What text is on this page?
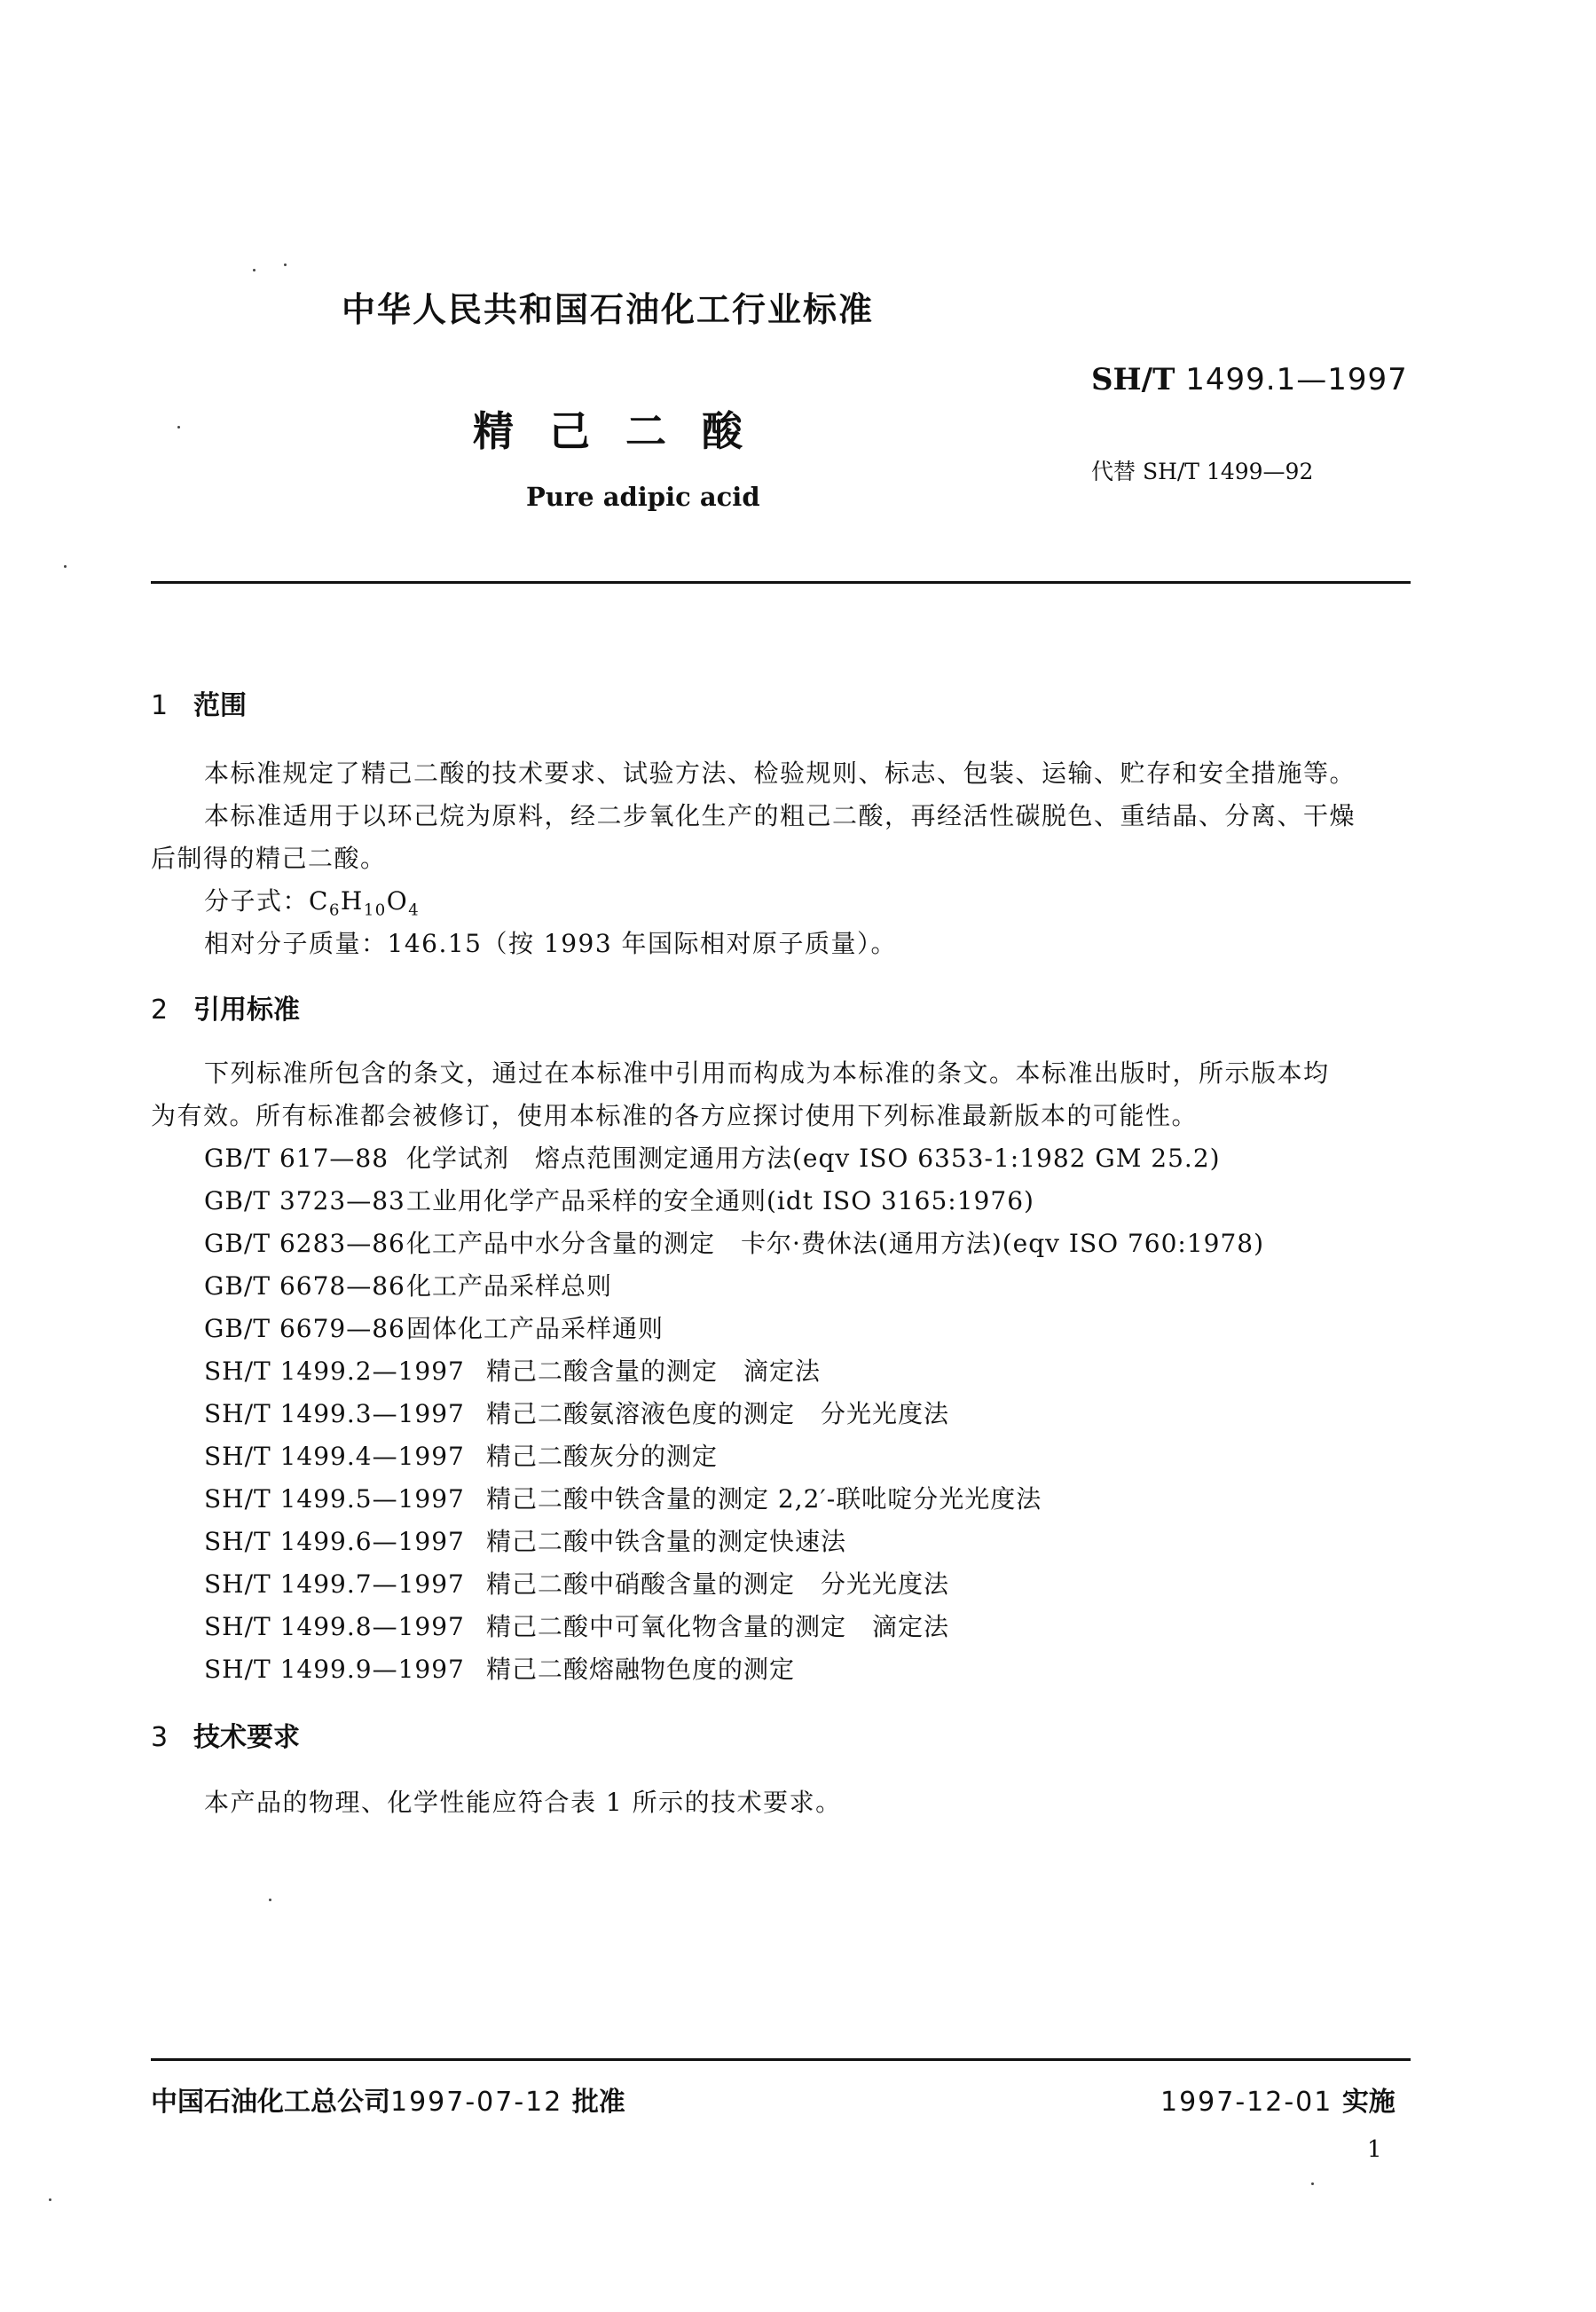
中华人民共和国石油化工行业标准
SH/T 1499.1—1997
精己二酸
代替 SH/T 1499—92
Pure adipic acid
1 范围
本标准规定了精己二酸的技术要求、试验方法、检验规则、标志、包装、运输、贮存和安全措施等。
本标准适用于以环己烷为原料，经二步氧化生产的粗己二酸，再经活性碳脱色、重结晶、分离、干燥
后制得的精己二酸。
分子式：$C_6H_{10}O_4$
相对分子质量：146.15（按 1993 年国际相对原子质量）。
2 引用标准
下列标准所包含的条文，通过在本标准中引用而构成为本标准的条文。本标准出版时，所示版本均
为有效。所有标准都会被修订，使用本标准的各方应探讨使用下列标准最新版本的可能性。
GB/T 617—88 化学试剂　熔点范围测定通用方法(eqv ISO 6353-1:1982 GM 25.2)
GB/T 3723—83工业用化学产品采样的安全通则(idt ISO 3165:1976)
GB/T 6283—86化工产品中水分含量的测定　卡尔·费休法(通用方法)(eqv ISO 760:1978)
GB/T 6678—86化工产品采样总则
GB/T 6679—86固体化工产品采样通则
SH/T 1499.2—1997 精己二酸含量的测定　滴定法
SH/T 1499.3—1997 精己二酸氨溶液色度的测定　分光光度法
SH/T 1499.4—1997 精己二酸灰分的测定
SH/T 1499.5—1997 精己二酸中铁含量的测定 2,2′-联吡啶分光光度法
SH/T 1499.6—1997 精己二酸中铁含量的测定快速法
SH/T 1499.7—1997 精己二酸中硝酸含量的测定　分光光度法
SH/T 1499.8—1997 精己二酸中可氧化物含量的测定　滴定法
SH/T 1499.9—1997 精己二酸熔融物色度的测定
3 技术要求
本产品的物理、化学性能应符合表 1 所示的技术要求。
中国石油化工总公司1997-07-12 批准	1997-12-01 实施
1
